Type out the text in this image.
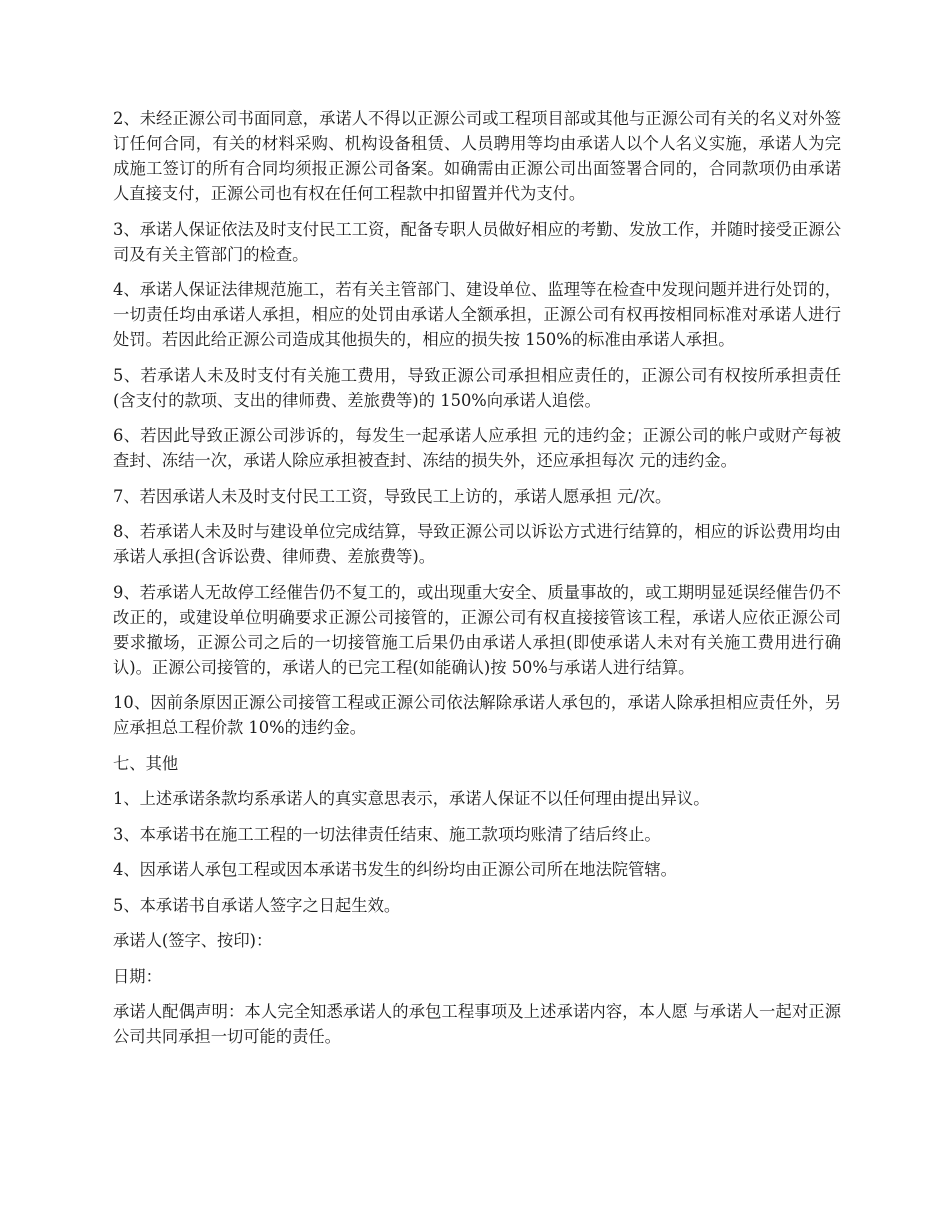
2、未经正源公司书面同意，承诺人不得以正源公司或工程项目部或其他与正源公司有关的名义对外签订任何合同，有关的材料采购、机构设备租赁、人员聘用等均由承诺人以个人名义实施，承诺人为完成施工签订的所有合同均须报正源公司备案。如确需由正源公司出面签署合同的，合同款项仍由承诺人直接支付，正源公司也有权在任何工程款中扣留置并代为支付。

3、承诺人保证依法及时支付民工工资，配备专职人员做好相应的考勤、发放工作，并随时接受正源公司及有关主管部门的检查。

4、承诺人保证法律规范施工，若有关主管部门、建设单位、监理等在检查中发现问题并进行处罚的，一切责任均由承诺人承担，相应的处罚由承诺人全额承担，正源公司有权再按相同标准对承诺人进行处罚。若因此给正源公司造成其他损失的，相应的损失按 150%的标准由承诺人承担。

5、若承诺人未及时支付有关施工费用，导致正源公司承担相应责任的，正源公司有权按所承担责任(含支付的款项、支出的律师费、差旅费等)的 150%向承诺人追偿。

6、若因此导致正源公司涉诉的，每发生一起承诺人应承担 元的违约金；正源公司的帐户或财产每被查封、冻结一次，承诺人除应承担被查封、冻结的损失外，还应承担每次 元的违约金。

7、若因承诺人未及时支付民工工资，导致民工上访的，承诺人愿承担 元/次。

8、若承诺人未及时与建设单位完成结算，导致正源公司以诉讼方式进行结算的，相应的诉讼费用均由承诺人承担(含诉讼费、律师费、差旅费等)。

9、若承诺人无故停工经催告仍不复工的，或出现重大安全、质量事故的，或工期明显延误经催告仍不改正的，或建设单位明确要求正源公司接管的，正源公司有权直接接管该工程，承诺人应依正源公司要求撤场，正源公司之后的一切接管施工后果仍由承诺人承担(即使承诺人未对有关施工费用进行确认)。正源公司接管的，承诺人的已完工程(如能确认)按 50%与承诺人进行结算。

10、因前条原因正源公司接管工程或正源公司依法解除承诺人承包的，承诺人除承担相应责任外，另应承担总工程价款 10%的违约金。

七、其他

1、上述承诺条款均系承诺人的真实意思表示，承诺人保证不以任何理由提出异议。

3、本承诺书在施工工程的一切法律责任结束、施工款项均账清了结后终止。

4、因承诺人承包工程或因本承诺书发生的纠纷均由正源公司所在地法院管辖。

5、本承诺书自承诺人签字之日起生效。

承诺人(签字、按印)：

日期：

承诺人配偶声明：本人完全知悉承诺人的承包工程事项及上述承诺内容，本人愿 与承诺人一起对正源公司共同承担一切可能的责任。
